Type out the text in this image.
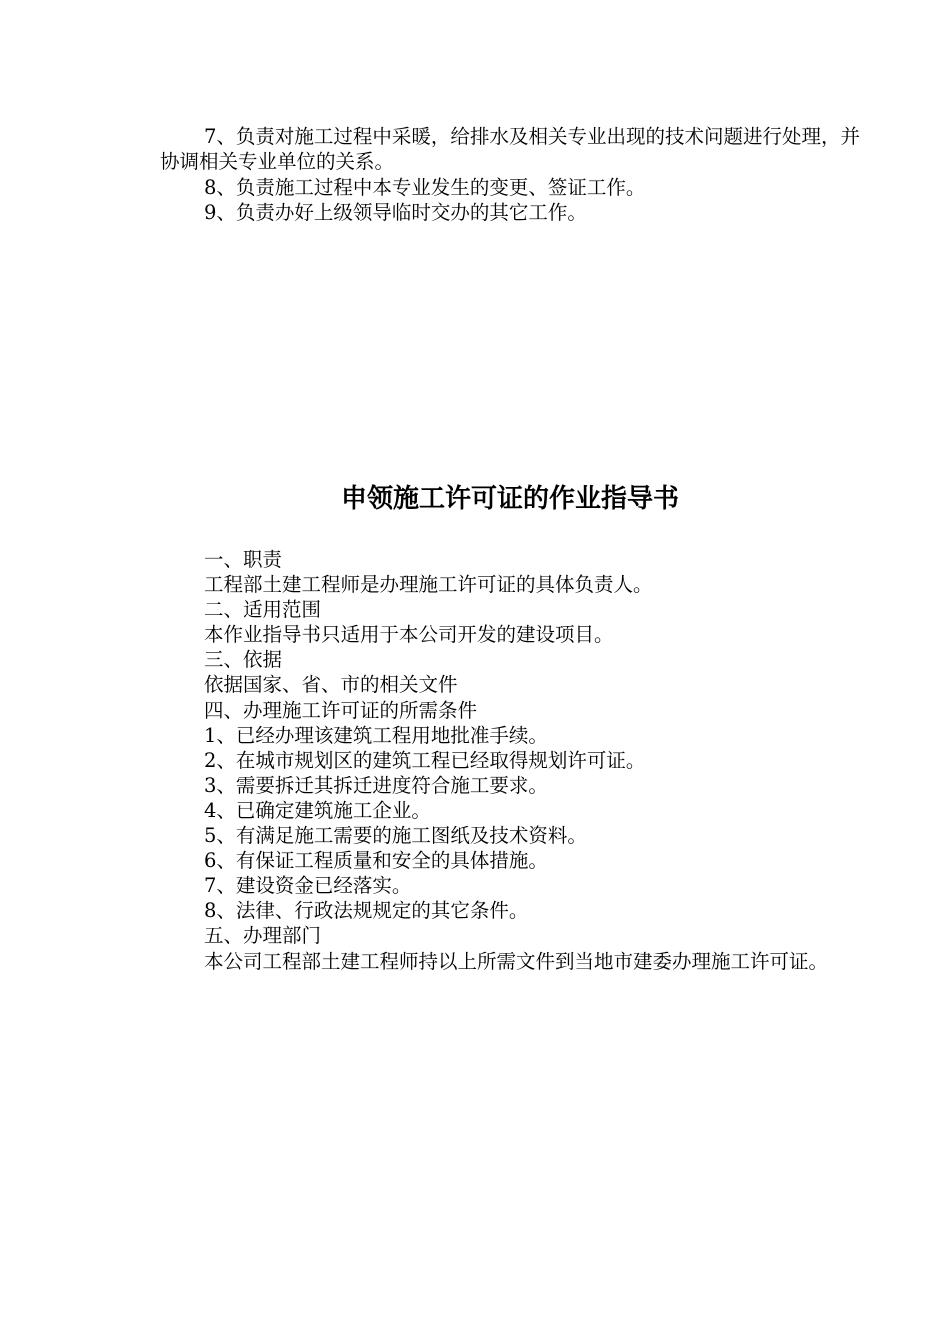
7、负责对施工过程中采暖，给排水及相关专业出现的技术问题进行处理，并协调相关专业单位的关系。

8、负责施工过程中本专业发生的变更、签证工作。

9、负责办好上级领导临时交办的其它工作。

申领施工许可证的作业指导书

一、职责

工程部土建工程师是办理施工许可证的具体负责人。

二、适用范围

本作业指导书只适用于本公司开发的建设项目。

三、依据

依据国家、省、市的相关文件

四、办理施工许可证的所需条件

1、已经办理该建筑工程用地批准手续。

2、在城市规划区的建筑工程已经取得规划许可证。

3、需要拆迁其拆迁进度符合施工要求。

4、已确定建筑施工企业。

5、有满足施工需要的施工图纸及技术资料。

6、有保证工程质量和安全的具体措施。

7、建设资金已经落实。

8、法律、行政法规规定的其它条件。

五、办理部门

本公司工程部土建工程师持以上所需文件到当地市建委办理施工许可证。
